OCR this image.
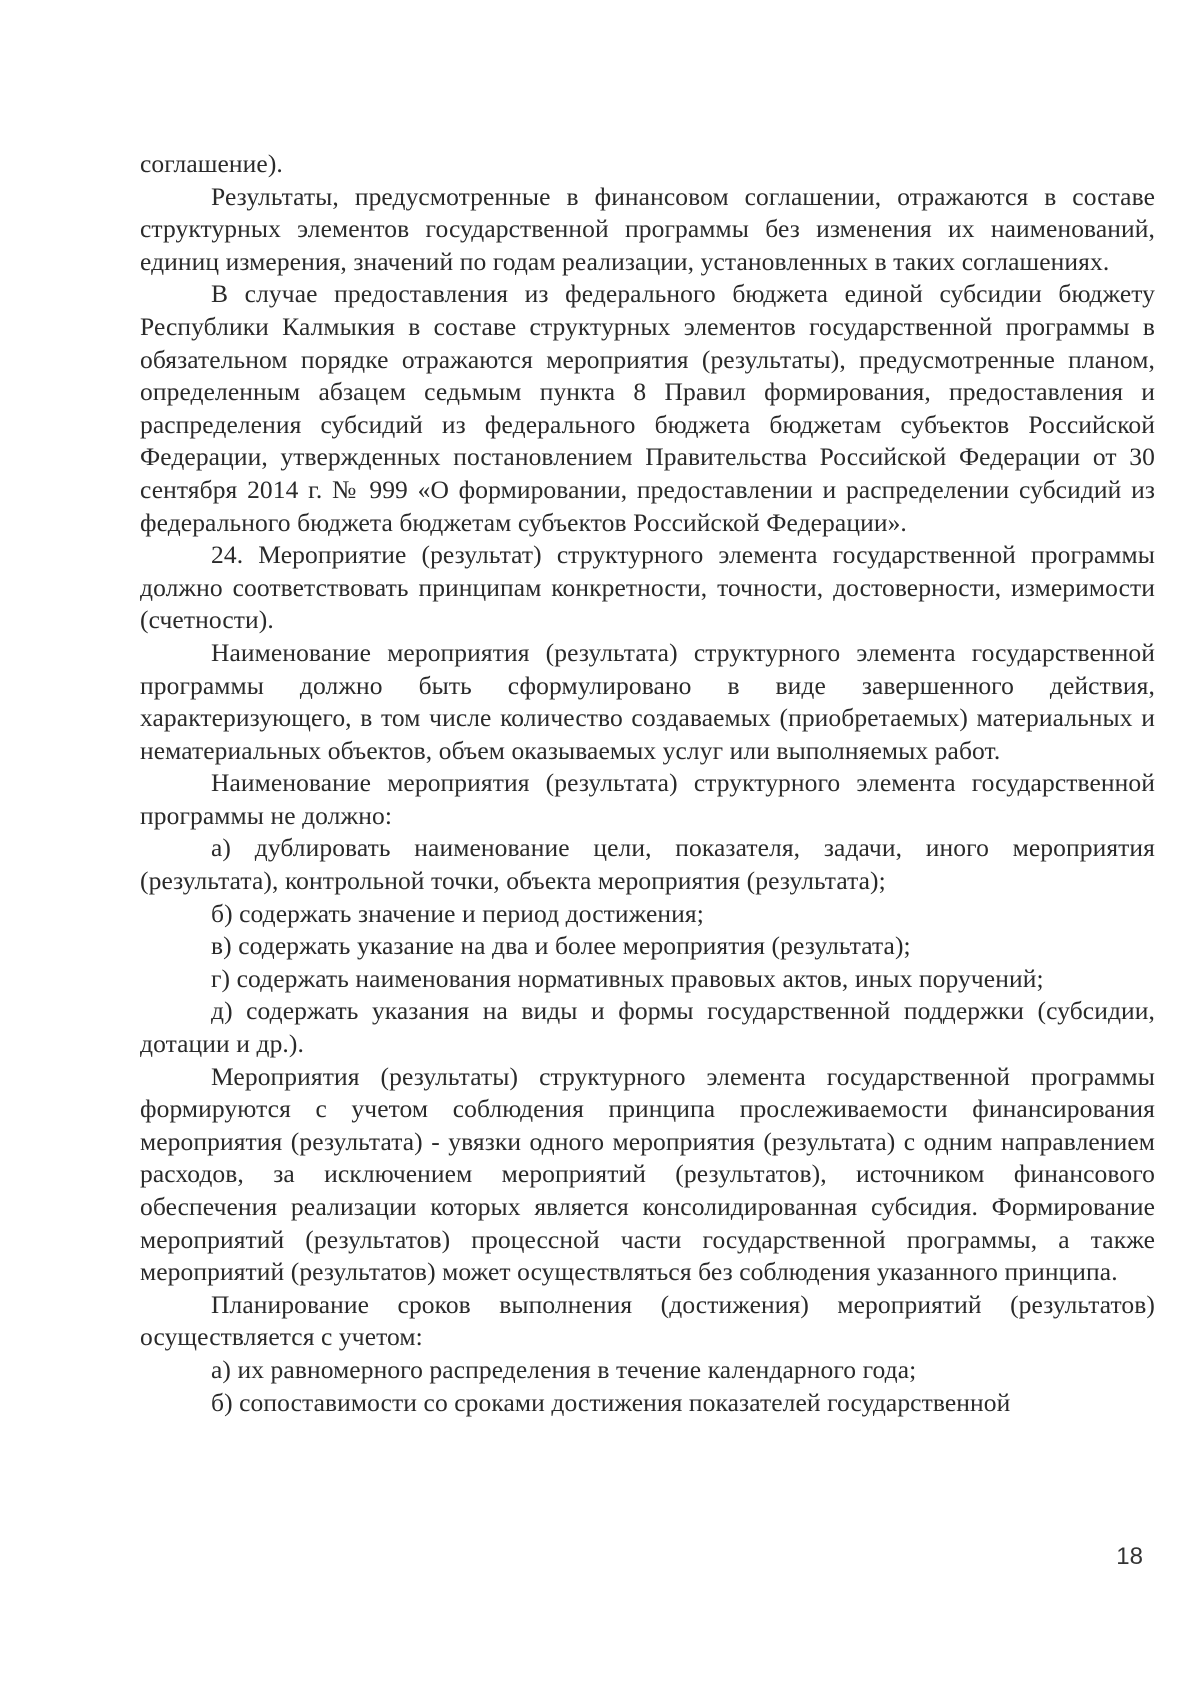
соглашение).

Результаты, предусмотренные в финансовом соглашении, отражаются в составе структурных элементов государственной программы без изменения их наименований, единиц измерения, значений по годам реализации, установленных в таких соглашениях.

В случае предоставления из федерального бюджета единой субсидии бюджету Республики Калмыкия в составе структурных элементов государственной программы в обязательном порядке отражаются мероприятия (результаты), предусмотренные планом, определенным абзацем седьмым пункта 8 Правил формирования, предоставления и распределения субсидий из федерального бюджета бюджетам субъектов Российской Федерации, утвержденных постановлением Правительства Российской Федерации от 30 сентября 2014 г. № 999 «О формировании, предоставлении и распределении субсидий из федерального бюджета бюджетам субъектов Российской Федерации».

24. Мероприятие (результат) структурного элемента государственной программы должно соответствовать принципам конкретности, точности, достоверности, измеримости (счетности).

Наименование мероприятия (результата) структурного элемента государственной программы должно быть сформулировано в виде завершенного действия, характеризующего, в том числе количество создаваемых (приобретаемых) материальных и нематериальных объектов, объем оказываемых услуг или выполняемых работ.

Наименование мероприятия (результата) структурного элемента государственной программы не должно:

а) дублировать наименование цели, показателя, задачи, иного мероприятия (результата), контрольной точки, объекта мероприятия (результата);

б) содержать значение и период достижения;

в) содержать указание на два и более мероприятия (результата);

г) содержать наименования нормативных правовых актов, иных поручений;

д) содержать указания на виды и формы государственной поддержки (субсидии, дотации и др.).

Мероприятия (результаты) структурного элемента государственной программы формируются с учетом соблюдения принципа прослеживаемости финансирования мероприятия (результата) - увязки одного мероприятия (результата) с одним направлением расходов, за исключением мероприятий (результатов), источником финансового обеспечения реализации которых является консолидированная субсидия. Формирование мероприятий (результатов) процессной части государственной программы, а также мероприятий (результатов) может осуществляться без соблюдения указанного принципа.

Планирование сроков выполнения (достижения) мероприятий (результатов) осуществляется с учетом:

а) их равномерного распределения в течение календарного года;

б) сопоставимости со сроками достижения показателей государственной

18
